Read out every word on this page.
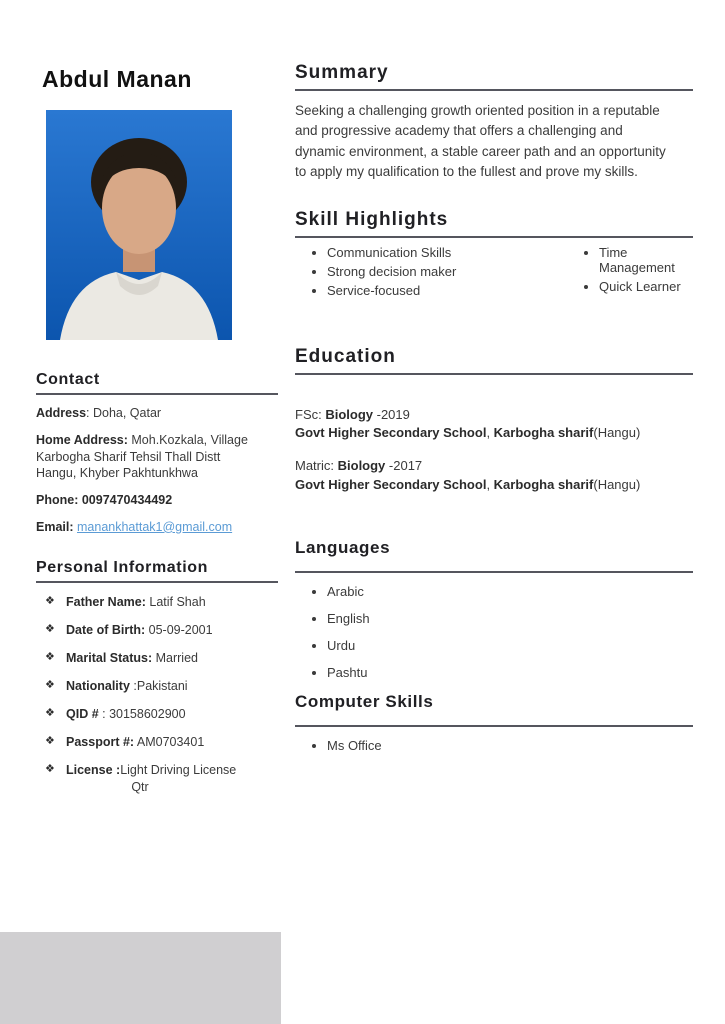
Abdul Manan
Contact

Address: Doha, Qatar

Home Address: Moh.Kozkala, Village Karbogha Sharif Tehsil Thall Distt Hangu, Khyber Pakhtunkhwa

Phone: 0097470434492

Email: manankhattak1@gmail.com

Personal Information
❖ Father Name: Latif Shah
❖ Date of Birth: 05-09-2001
❖ Marital Status: Married
❖ Nationality :Pakistani
❖ QID # : 30158602900
❖ Passport #: AM0703401
❖ License :Light Driving License
Qtr
Summary

Seeking a challenging growth oriented position in a reputable and progressive academy that offers a challenging and dynamic environment, a stable career path and an opportunity to apply my qualification to the fullest and prove my skills.

Skill Highlights
• Communication Skills
• Strong decision maker
• Service-focused
• Time Management
• Quick Learner
Education
FSc: Biology -2019
Govt Higher Secondary School, Karbogha sharif(Hangu)
Matric: Biology -2017
Govt Higher Secondary School, Karbogha sharif(Hangu)
Languages
• Arabic
• English
• Urdu
• Pashtu
Computer Skills
• Ms Office
